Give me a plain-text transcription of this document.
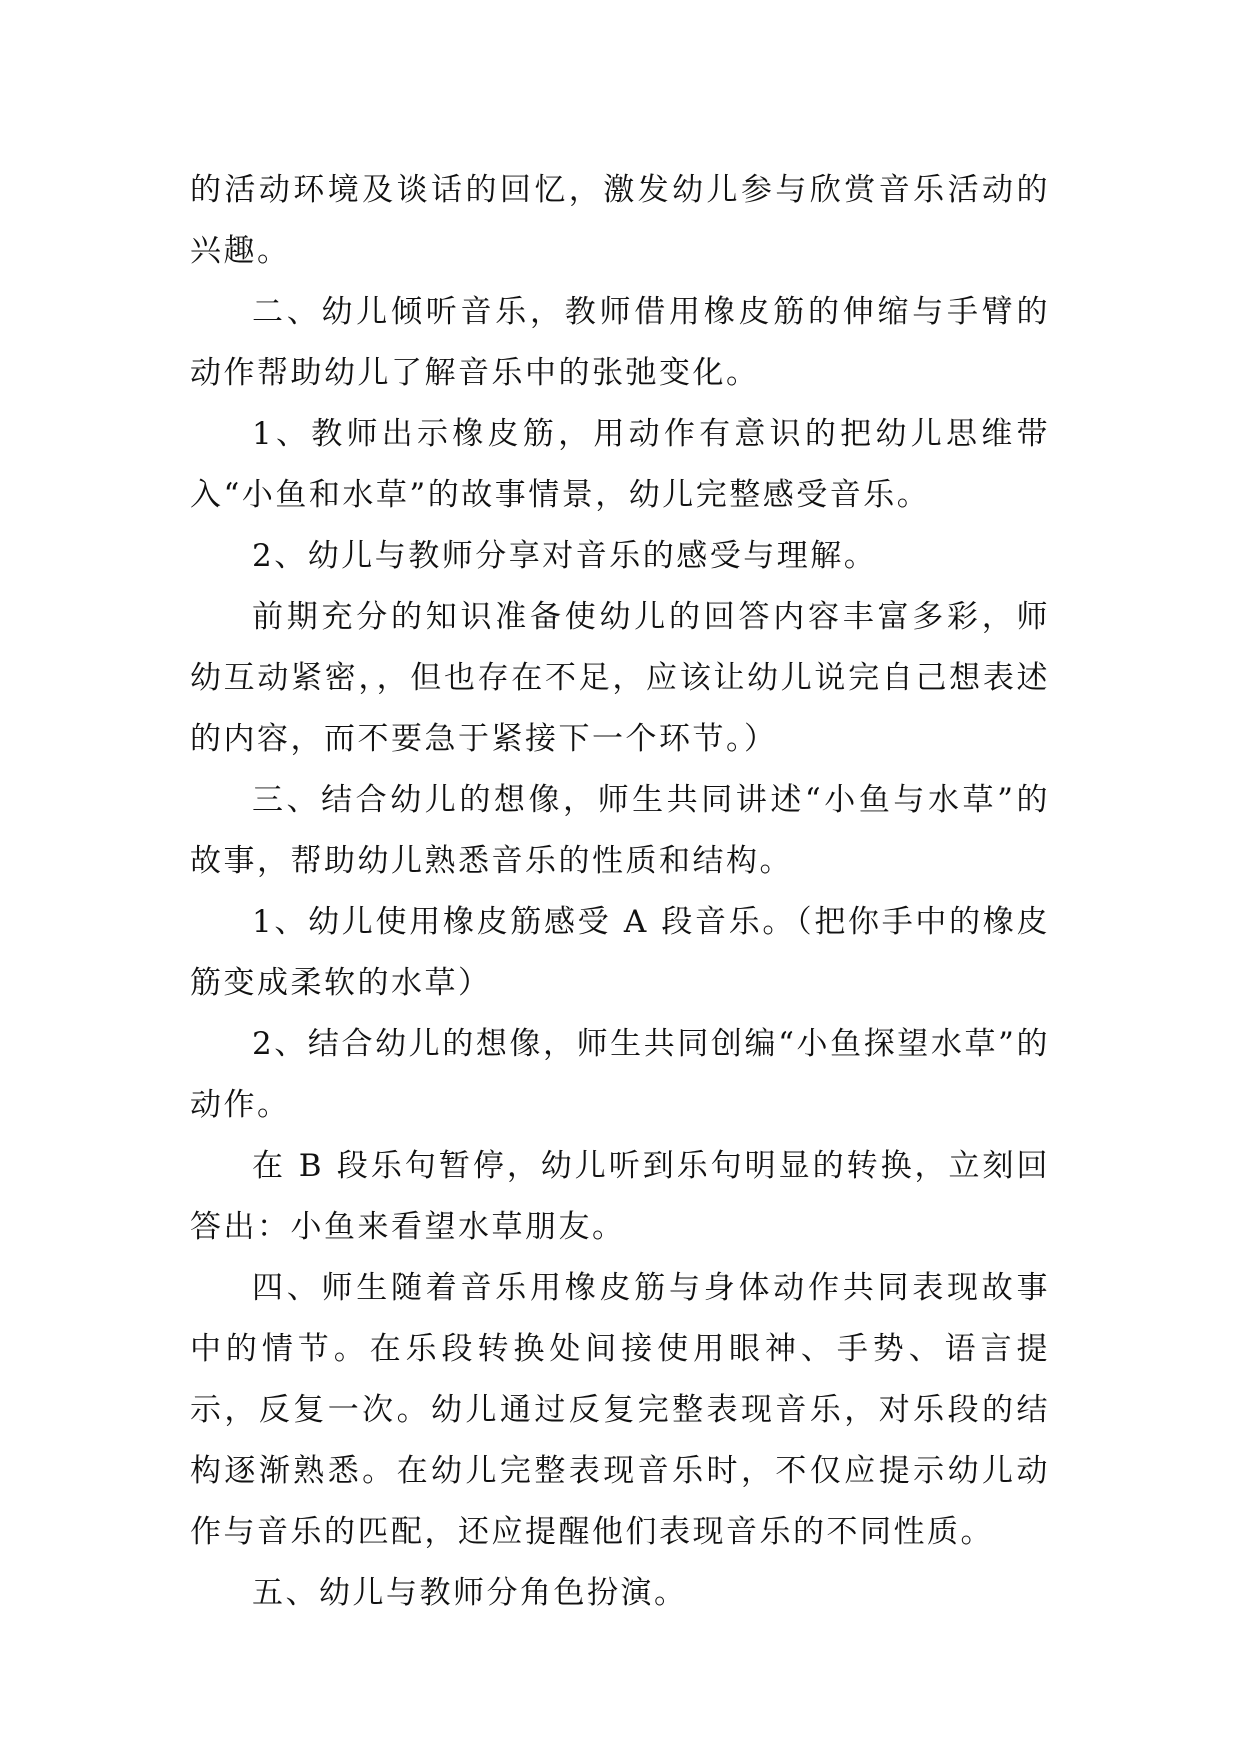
的活动环境及谈话的回忆，激发幼儿参与欣赏音乐活动的兴趣。

二、幼儿倾听音乐，教师借用橡皮筋的伸缩与手臂的动作帮助幼儿了解音乐中的张弛变化。

1、教师出示橡皮筋，用动作有意识的把幼儿思维带入“小鱼和水草”的故事情景，幼儿完整感受音乐。

2、幼儿与教师分享对音乐的感受与理解。

前期充分的知识准备使幼儿的回答内容丰富多彩，师幼互动紧密，，但也存在不足，应该让幼儿说完自己想表述的内容，而不要急于紧接下一个环节。）

三、结合幼儿的想像，师生共同讲述“小鱼与水草”的故事，帮助幼儿熟悉音乐的性质和结构。

1、幼儿使用橡皮筋感受 A 段音乐。（把你手中的橡皮筋变成柔软的水草）

2、结合幼儿的想像，师生共同创编“小鱼探望水草”的动作。

在 B 段乐句暂停，幼儿听到乐句明显的转换，立刻回答出：小鱼来看望水草朋友。

四、师生随着音乐用橡皮筋与身体动作共同表现故事中的情节。在乐段转换处间接使用眼神、手势、语言提示，反复一次。幼儿通过反复完整表现音乐，对乐段的结构逐渐熟悉。在幼儿完整表现音乐时，不仅应提示幼儿动作与音乐的匹配，还应提醒他们表现音乐的不同性质。

五、幼儿与教师分角色扮演。
